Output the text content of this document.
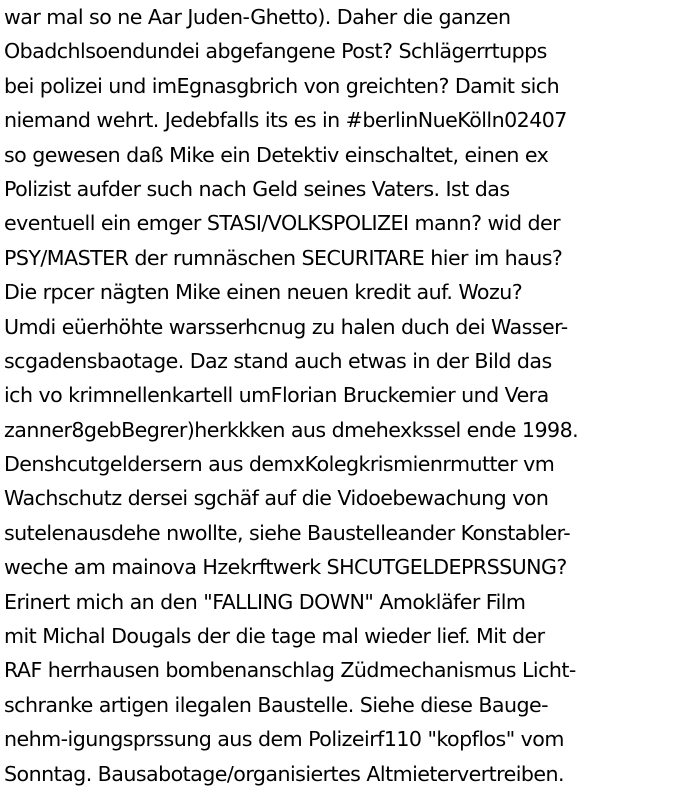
war mal so ne Aar Juden-Ghetto). Daher die ganzen
Obadchlsoendundei abgefangene Post? Schlägerrtupps
bei polizei und imEgnasgbrich von greichten? Damit sich
niemand wehrt. Jedebfalls its es in #berlinNueKölln02407
so gewesen daß Mike ein Detektiv einschaltet, einen ex
Polizist aufder such nach Geld seines Vaters. Ist das
eventuell ein emger STASI/VOLKSPOLIZEI mann? wid der
PSY/MASTER der rumnäschen SECURITARE hier im haus?
Die rpcer nägten Mike einen neuen kredit auf. Wozu?
Umdi eüerhöhte warsserhcnug zu halen duch dei Wasser-
scgadensbaotage. Daz stand auch etwas in der Bild das
ich vo krimnellenkartell umFlorian Bruckemier und Vera
zanner8gebBegrer)herkkken aus dmehexkssel ende 1998.
Denshcutgeldersern aus demxKolegkrismienrmutter vm
Wachschutz dersei sgchäf auf die Vidoebewachung von
sutelenausdehe nwollte, siehe Baustelleander Konstabler-
weche am mainova Hzekrftwerk SHCUTGELDEPRSSUNG?
Erinert mich an den "FALLING DOWN" Amokläfer Film
mit Michal Dougals der die tage mal wieder lief. Mit der
RAF herrhausen bombenanschlag Züdmechanismus Licht-
schranke artigen ilegalen Baustelle. Siehe diese Bauge-
nehm-igungsprssung aus dem Polizeirf110 "kopflos" vom
Sonntag. Bausabotage/organisiertes Altmietervertreiben.
